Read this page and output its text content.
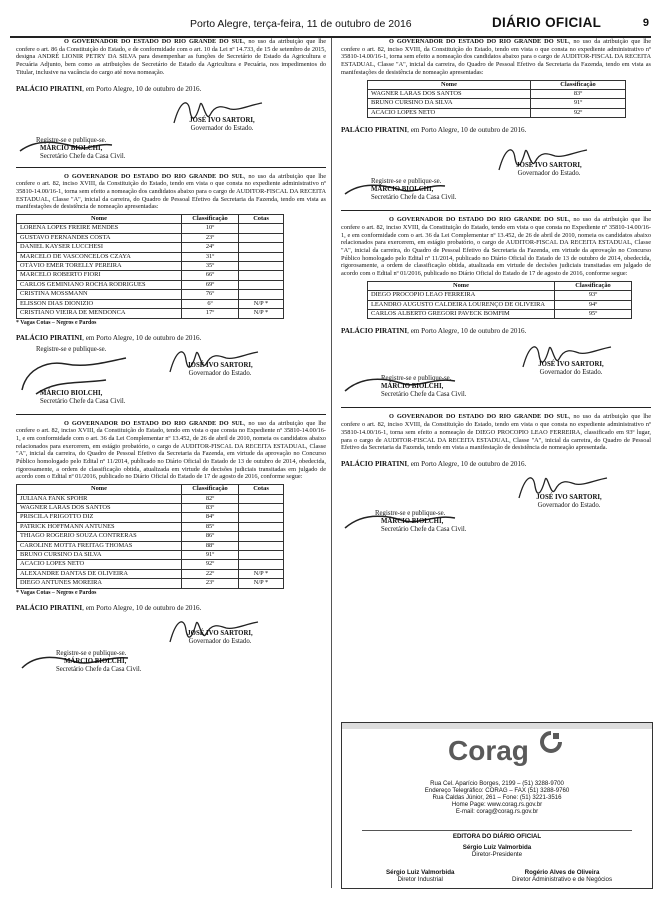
Porto Alegre, terça-feira, 11 de outubro de 2016	DIÁRIO OFICIAL	9

O GOVERNADOR DO ESTADO DO RIO GRANDE DO SUL, no uso da atribuição que lhe confere o art. 86 da Constituição do Estado, e de conformidade com o art. 10 da Lei nº 14.733, de 15 de setembro de 2015, designa ANDRÉ LIONIR PETRY DA SILVA para desempenhar as funções de Secretário de Estado da Agricultura e Pecuária Adjunto, bem como as atribuições de Secretário de Estado da Agricultura e Pecuária, nos impedimentos do Titular, inclusive na vacância do cargo até nova nomeação.

PALÁCIO PIRATINI, em Porto Alegre, 10 de outubro de 2016.

JOSÉ IVO SARTORI,
Governador do Estado.
Registre-se e publique-se.
MÁRCIO BIOLCHI,
Secretário Chefe da Casa Civil.

O GOVERNADOR DO ESTADO DO RIO GRANDE DO SUL, no uso da atribuição que lhe confere o art. 82, inciso XVIII, da Constituição do Estado, tendo em vista o que consta no expediente administrativo nº 35810-14.00/16-1, torna sem efeito a nomeação dos candidatos abaixo para o cargo de AUDITOR-FISCAL DA RECEITA ESTADUAL, Classe "A", inicial da carreira, do Quadro de Pessoal Efetivo da Secretaria da Fazenda, tendo em vista as manifestações de desistência de nomeação apresentadas:

Nome	Classificação	Cotas
LORENA LOPES FREIRE MENDES	10º	
GUSTAVO FERNANDES COSTA	23º	
DANIEL KAYSER LUCCHESI	24º	
MARCELO DE VASCONCELOS CZAYA	31º	
OTÁVIO EMER TORELLY PEREIRA	35º	
MARCELO ROBERTO FIORI	66º	
CARLOS GEMINIANO ROCHA RODRIGUES	69º	
CRISTINA MOSSMANN	76º	
ELISSON DIAS DIONIZIO	6º	N/P *
CRISTIANO VIEIRA DE MENDONCA	17º	N/P *
* Vagas Cotas – Negros e Pardos

PALÁCIO PIRATINI, em Porto Alegre, 10 de outubro de 2016.

JOSÉ IVO SARTORI,
Governador do Estado.
Registre-se e publique-se.
MÁRCIO BIOLCHI,
Secretário Chefe da Casa Civil.

O GOVERNADOR DO ESTADO DO RIO GRANDE DO SUL, no uso da atribuição que lhe confere o art. 82, inciso XVIII, da Constituição do Estado, tendo em vista o que consta no Expediente nº 35810-14.00/16-1, e em conformidade com o art. 36 da Lei Complementar nº 13.452, de 26 de abril de 2010, nomeia os candidatos abaixo relacionados para exercerem, em estágio probatório, o cargo de AUDITOR-FISCAL DA RECEITA ESTADUAL, Classe "A", inicial da carreira, do Quadro de Pessoal Efetivo da Secretaria da Fazenda, em virtude da aprovação no Concurso Público homologado pelo Edital nº 11/2014, publicado no Diário Oficial do Estado de 13 de outubro de 2014, obedecida, rigorosamente, a ordem de classificação obtida, atualizada em virtude de decisões judiciais transitadas em julgado de acordo com o Edital nº 01/2016, publicado no Diário Oficial do Estado de 17 de agosto de 2016, conforme segue:

Nome	Classificação	Cotas
JULIANA FANK SPOHR	82º	
WAGNER LARAS DOS SANTOS	83º	
PRISCILA FRIGOTTO DIZ	84º	
PATRICK HOFFMANN ANTUNES	85º	
THIAGO ROGERIO SOUZA CONTRERAS	86º	
CAROLINE MOTTA FREITAG THOMAS	88º	
BRUNO CURSINO DA SILVA	91º	
ACACIO LOPES NETO	92º	
ALEXANDRE DANTAS DE OLIVEIRA	22º	N/P *
DIEGO ANTUNES MOREIRA	23º	N/P *
* Vagas Cotas – Negros e Pardos

PALÁCIO PIRATINI, em Porto Alegre, 10 de outubro de 2016.

JOSÉ IVO SARTORI,
Governador do Estado.
Registre-se e publique-se.
MÁRCIO BIOLCHI,
Secretário Chefe da Casa Civil.

O GOVERNADOR DO ESTADO DO RIO GRANDE DO SUL, no uso da atribuição que lhe confere o art. 82, inciso XVIII, da Constituição do Estado, tendo em vista o que consta no expediente administrativo nº 35810-14.00/16-1, torna sem efeito a nomeação dos candidatos abaixo para o cargo de AUDITOR-FISCAL DA RECEITA ESTADUAL, Classe "A", inicial da carreira, do Quadro de Pessoal Efetivo da Secretaria da Fazenda, tendo em vista as manifestações de desistência de nomeação apresentadas:

Nome	Classificação
WAGNER LARAS DOS SANTOS	83º
BRUNO CURSINO DA SILVA	91º
ACACIO LOPES NETO	92º

PALÁCIO PIRATINI, em Porto Alegre, 10 de outubro de 2016.

JOSÉ IVO SARTORI,
Governador do Estado.
Registre-se e publique-se.
MÁRCIO BIOLCHI,
Secretário Chefe da Casa Civil.

O GOVERNADOR DO ESTADO DO RIO GRANDE DO SUL, no uso da atribuição que lhe confere o art. 82, inciso XVIII, da Constituição do Estado, tendo em vista o que consta no Expediente nº 35810-14.00/16-1, e em conformidade com o art. 36 da Lei Complementar nº 13.452, de 26 de abril de 2010, nomeia os candidatos abaixo relacionados para exercerem, em estágio probatório, o cargo de AUDITOR-FISCAL DA RECEITA ESTADUAL, Classe "A", inicial da carreira, do Quadro de Pessoal Efetivo da Secretaria da Fazenda, em virtude da aprovação no Concurso Público homologado pelo Edital nº 11/2014, publicado no Diário Oficial do Estado de 13 de outubro de 2014, obedecida, rigorosamente, a ordem de classificação obtida, atualizada em virtude de decisões judiciais transitadas em julgado de acordo com o Edital nº 01/2016, publicado no Diário Oficial do Estado de 17 de agosto de 2016, conforme segue:

Nome	Classificação
DIEGO PROCOPIO LEAO FERREIRA	93º
LEANDRO AUGUSTO CALDEIRA LOURENÇO DE OLIVEIRA	94º
CARLOS ALBERTO GREGORI PAVECK BOMFIM	95º

PALÁCIO PIRATINI, em Porto Alegre, 10 de outubro de 2016.

JOSÉ IVO SARTORI,
Governador do Estado.
Registre-se e publique-se.
MÁRCIO BIOLCHI,
Secretário Chefe da Casa Civil.

O GOVERNADOR DO ESTADO DO RIO GRANDE DO SUL, no uso da atribuição que lhe confere o art. 82, inciso XVIII, da Constituição do Estado, tendo em vista o que consta no expediente administrativo nº 35810-14.00/16-1, torna sem efeito a nomeação de DIEGO PROCOPIO LEAO FERREIRA, classificado em 93º lugar, para o cargo de AUDITOR-FISCAL DA RECEITA ESTADUAL, Classe "A", inicial da carreira, do Quadro de Pessoal Efetivo da Secretaria da Fazenda, tendo em vista a manifestação de desistência de nomeação apresentada.

PALÁCIO PIRATINI, em Porto Alegre, 10 de outubro de 2016.

JOSÉ IVO SARTORI,
Governador do Estado.
Registre-se e publique-se.
MÁRCIO BIOLCHI,
Secretário Chefe da Casa Civil.
Corag
Rua Cel. Aparício Borges, 2199 – (51) 3288-9700
Endereço Telegráfico: CORAG – FAX (51) 3288-9760
Rua Caldas Júnior, 261 – Fone: (51) 3221-3516
Home Page: www.corag.rs.gov.br
E-mail: corag@corag.rs.gov.br
EDITORA DO DIÁRIO OFICIAL
Sérgio Luiz Valmorbida
Diretor-Presidente
Sérgio Luiz Valmorbida
Diretor Industrial
Rogério Alves de Oliveira
Diretor Administrativo e de Negócios
